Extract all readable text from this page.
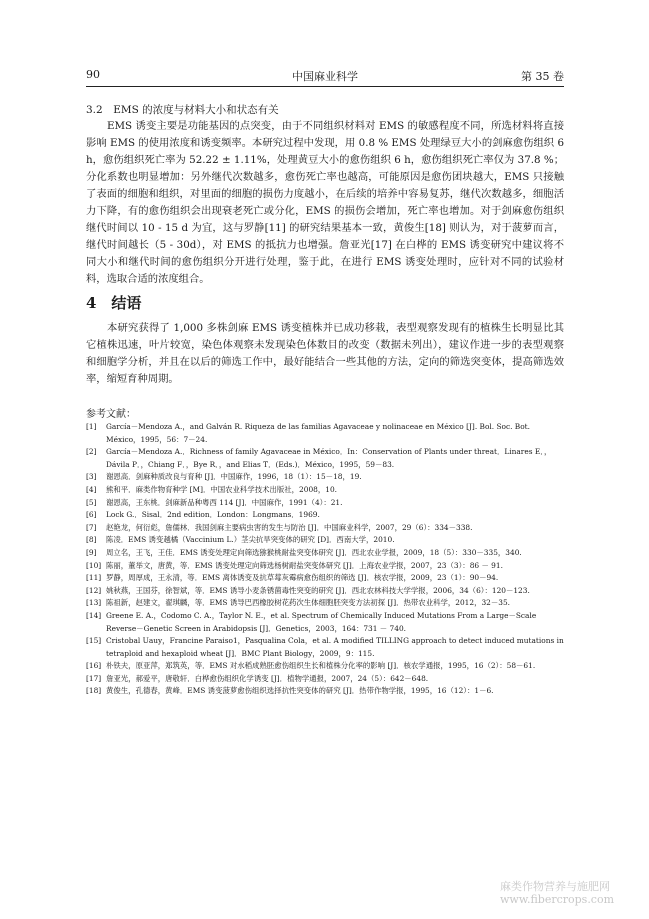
90	中国麻业科学	第 35 卷
3.2　EMS 的浓度与材料大小和状态有关
EMS 诱变主要是功能基因的点突变，由于不同组织材料对 EMS 的敏感程度不同，所选材料将直接影响 EMS 的使用浓度和诱变频率。本研究过程中发现，用 0.8 % EMS 处理绿豆大小的剑麻愈伤组织 6 h，愈伤组织死亡率为 52.22 ± 1.11%，处理黄豆大小的愈伤组织 6 h，愈伤组织死亡率仅为 37.8 %；分化系数也明显增加：另外继代次数越多，愈伤死亡率也越高，可能原因是愈伤团块越大，EMS 只接触了表面的细胞和组织，对里面的细胞的损伤力度越小，在后续的培养中容易复苏，继代次数越多，细胞活力下降，有的愈伤组织会出现衰老死亡或分化，EMS 的损伤会增加，死亡率也增加。对于剑麻愈伤组织继代时间以 10 - 15 d 为宜，这与罗静[11] 的研究结果基本一致，黄俊生[18] 则认为，对于菠萝而言，继代时间越长（5 - 30d），对 EMS 的抵抗力也增强。詹亚光[17] 在白桦的 EMS 诱变研究中建议将不同大小和继代时间的愈伤组织分开进行处理，鉴于此，在进行 EMS 诱变处理时，应针对不同的试验材料，选取合适的浓度组合。
4　结语
本研究获得了 1,000 多株剑麻 EMS 诱变植株并已成功移栽，表型观察发现有的植株生长明显比其它植株迅速，叶片较宽，染色体观察未发现染色体数目的改变（数据未列出），建议作进一步的表型观察和细胞学分析，并且在以后的筛选工作中，最好能结合一些其他的方法，定向的筛选突变体，提高筛选效率，缩短育种周期。
参考文献：

[1] García－Mendoza A.，and Galván R. Riqueza de las familias Agavaceae y nolinaceae en México [J]. Bol. Soc. Bot. México，1995，56：7－24.

[2] García－Mendoza A.．Richness of family Agavaceae in México．In：Conservation of Plants under threat．Linares E．，Dávila P．，Chiang F．，Bye R．，and Elias T．(Eds.)．México，1995，59－83.

[3] 谢恩高．剑麻种质改良与育种 [J]．中国麻作，1996，18（1）：15－18，19.

[4] 熊和平．麻类作物育种学 [M]．中国农业科学技术出版社，2008，10.

[5] 谢恩高，王东桃．剑麻新品种粤西 114 [J]．中国麻作，1991（4）：21.

[6] Lock G.．Sisal．2nd edition．London：Longmans．1969.

[7] 赵艳龙，何衍彪，詹儒林．我国剑麻主要病虫害的发生与防治 [J]．中国麻业科学，2007，29（6）：334－338.

[8] 陈凌．EMS 诱变越橘（Vaccinium L.）茎尖抗旱突变体的研究 [D]．西南大学，2010.

[9] 周立名，王飞，王佳．EMS 诱变处理定向筛选猕猴桃耐盐突变体研究 [J]．西北农业学报，2009，18（5）：330－335，340.

[10] 陈丽，董举文，唐黄，等．EMS 诱变处理定向筛选杨树耐盐突变体研究 [J]．上海农业学报，2007，23（3）：86 － 91.

[11] 罗静，周厚成，王永清，等．EMS 离体诱变及抗草莓灰霉病愈伤组织的筛选 [J]．核农学报，2009，23（1）：90－94.

[12] 姚秋燕，王国芬，徐智斌，等．EMS 诱导小麦条锈菌毒性突变的研究 [J]．西北农林科技大学学报，2006，34（6）：120－123.

[13] 陈祖新，赵建文，翟琪麟，等．EMS 诱导巴西橡胶树花药次生体细胞胚突变方法初探 [J]．热带农业科学，2012，32－35.

[14] Greene E. A.，Codomo C. A.，Taylor N. E.，et al. Spectrum of Chemically Induced Mutations From a Large－Scale Reverse－Genetic Screen in Arabidopsis [J]．Genetics，2003，164：731 － 740.

[15] Cristobal Uauy，Francine Paraiso1，Pasqualina Cola，et al. A modified TILLING approach to detect induced mutations in tetraploid and hexaploid wheat [J]．BMC Plant Biology，2009，9：115.

[16] 朴铁夫，原亚萍，郑筑英，等．EMS 对水稻成熟胚愈伤组织生长和植株分化率的影响 [J]．核农学通报，1995，16（2）：58－61.

[17] 詹亚光，郝爱平，唐敬轩．白桦愈伤组织化学诱变 [J]．植物学通报，2007，24（5）：642－648.

[18] 黄俊生，孔德春，黄峰．EMS 诱变菠萝愈伤组织选择抗性突变体的研究 [J]．热带作物学报，1995，16（12）：1－6.

麻类作物营养与施肥网
www.fibercrops.com
